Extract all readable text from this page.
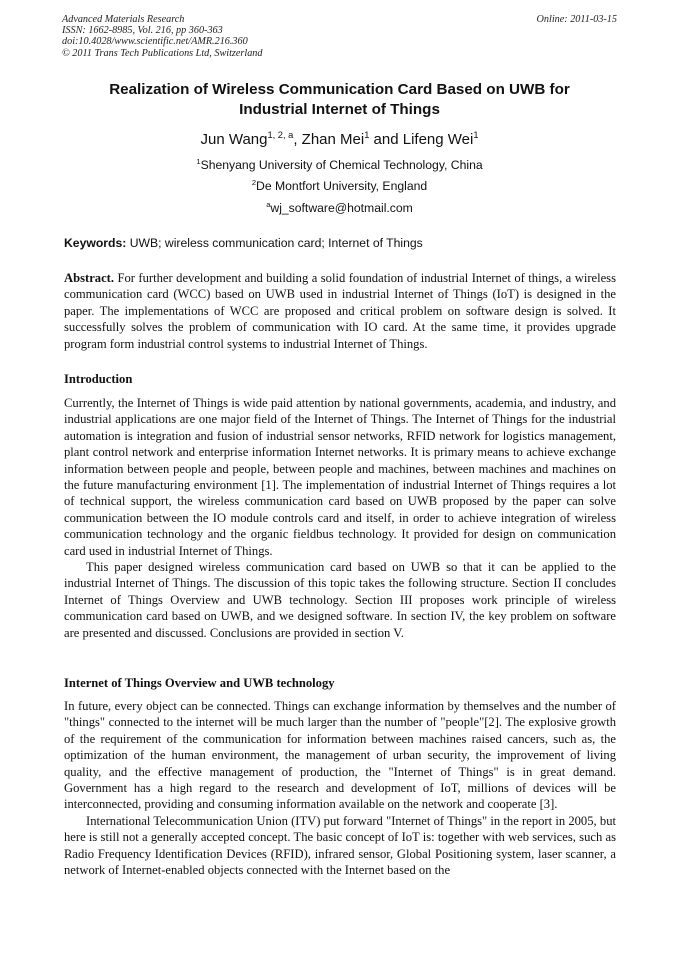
Advanced Materials Research
ISSN: 1662-8985, Vol. 216, pp 360-363
doi:10.4028/www.scientific.net/AMR.216.360
© 2011 Trans Tech Publications Ltd, Switzerland
Online: 2011-03-15
Realization of Wireless Communication Card Based on UWB for
Industrial Internet of Things
Jun Wang$^{1, 2, a}$, Zhan Mei$^1$ and Lifeng Wei$^1$
$^1$Shenyang University of Chemical Technology, China
$^2$De Montfort University, England
$^a$wj_software@hotmail.com
Keywords: UWB; wireless communication card; Internet of Things

Abstract. For further development and building a solid foundation of industrial Internet of things, a wireless communication card (WCC) based on UWB used in industrial Internet of Things (IoT) is designed in the paper. The implementations of WCC are proposed and critical problem on software design is solved. It successfully solves the problem of communication with IO card. At the same time, it provides upgrade program form industrial control systems to industrial Internet of Things.

Introduction

Currently, the Internet of Things is wide paid attention by national governments, academia, and industry, and industrial applications are one major field of the Internet of Things. The Internet of Things for the industrial automation is integration and fusion of industrial sensor networks, RFID network for logistics management, plant control network and enterprise information Internet networks. It is primary means to achieve exchange information between people and people, between people and machines, between machines and machines on the future manufacturing environment [1]. The implementation of industrial Internet of Things requires a lot of technical support, the wireless communication card based on UWB proposed by the paper can solve communication between the IO module controls card and itself, in order to achieve integration of wireless communication technology and the organic fieldbus technology. It provided for design on communication card used in industrial Internet of Things.

This paper designed wireless communication card based on UWB so that it can be applied to the industrial Internet of Things. The discussion of this topic takes the following structure. Section II concludes Internet of Things Overview and UWB technology. Section III proposes work principle of wireless communication card based on UWB, and we designed software. In section IV, the key problem on software are presented and discussed. Conclusions are provided in section V.

Internet of Things Overview and UWB technology

In future, every object can be connected. Things can exchange information by themselves and the number of "things" connected to the internet will be much larger than the number of "people"[2]. The explosive growth of the requirement of the communication for information between machines raised cancers, such as, the optimization of the human environment, the management of urban security, the improvement of living quality, and the effective management of production, the "Internet of Things" is in great demand. Government has a high regard to the research and development of IoT, millions of devices will be interconnected, providing and consuming information available on the network and cooperate [3].

International Telecommunication Union (ITV) put forward "Internet of Things" in the report in 2005, but here is still not a generally accepted concept. The basic concept of IoT is: together with web services, such as Radio Frequency Identification Devices (RFID), infrared sensor, Global Positioning system, laser scanner, a network of Internet-enabled objects connected with the Internet based on the
